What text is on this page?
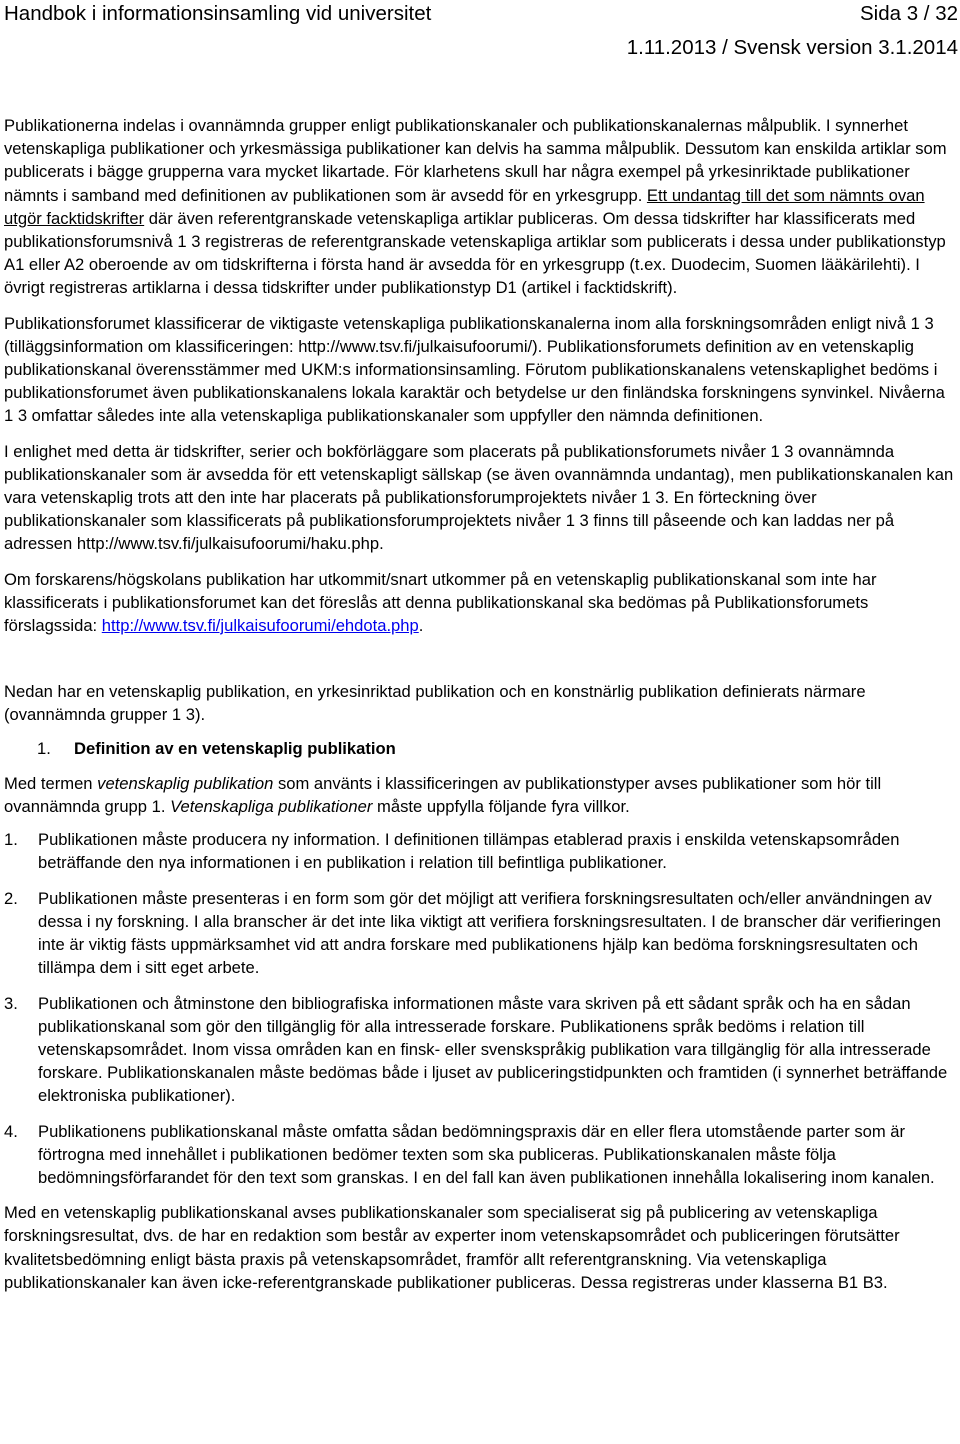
Handbok i informationsinsamling vid universitet	Sida 3 / 32
1.11.2013 / Svensk version 3.1.2014

Publikationerna indelas i ovannämnda grupper enligt publikationskanaler och publikationskanalernas målpublik. I synnerhet vetenskapliga publikationer och yrkesmässiga publikationer kan delvis ha samma målpublik. Dessutom kan enskilda artiklar som publicerats i bägge grupperna vara mycket likartade. För klarhetens skull har några exempel på yrkesinriktade publikationer nämnts i samband med definitionen av publikationen som är avsedd för en yrkesgrupp. Ett undantag till det som nämnts ovan utgör facktidskrifter där även referentgranskade vetenskapliga artiklar publiceras. Om dessa tidskrifter har klassificerats med publikationsforumsnivå 1 3 registreras de referentgranskade vetenskapliga artiklar som publicerats i dessa under publikationstyp A1 eller A2 oberoende av om tidskrifterna i första hand är avsedda för en yrkesgrupp (t.ex. Duodecim, Suomen lääkärilehti). I övrigt registreras artiklarna i dessa tidskrifter under publikationstyp D1 (artikel i facktidskrift).

Publikationsforumet klassificerar de viktigaste vetenskapliga publikationskanalerna inom alla forskningsområden enligt nivå 1 3 (tilläggsinformation om klassificeringen: http://www.tsv.fi/julkaisufoorumi/). Publikationsforumets definition av en vetenskaplig publikationskanal överensstämmer med UKM:s informationsinsamling. Förutom publikationskanalens vetenskaplighet bedöms i publikationsforumet även publikationskanalens lokala karaktär och betydelse ur den finländska forskningens synvinkel. Nivåerna 1 3 omfattar således inte alla vetenskapliga publikationskanaler som uppfyller den nämnda definitionen.

I enlighet med detta är tidskrifter, serier och bokförläggare som placerats på publikationsforumets nivåer 1 3 ovannämnda publikationskanaler som är avsedda för ett vetenskapligt sällskap (se även ovannämnda undantag), men publikationskanalen kan vara vetenskaplig trots att den inte har placerats på publikationsforumprojektets nivåer 1 3. En förteckning över publikationskanaler som klassificerats på publikationsforumprojektets nivåer 1 3 finns till påseende och kan laddas ner på adressen http://www.tsv.fi/julkaisufoorumi/haku.php.

Om forskarens/högskolans publikation har utkommit/snart utkommer på en vetenskaplig publikationskanal som inte har klassificerats i publikationsforumet kan det föreslås att denna publikationskanal ska bedömas på Publikationsforumets förslagssida: http://www.tsv.fi/julkaisufoorumi/ehdota.php.

Nedan har en vetenskaplig publikation, en yrkesinriktad publikation och en konstnärlig publikation definierats närmare (ovannämnda grupper 1 3).

1. Definition av en vetenskaplig publikation

Med termen vetenskaplig publikation som använts i klassificeringen av publikationstyper avses publikationer som hör till ovannämnda grupp 1. Vetenskapliga publikationer måste uppfylla följande fyra villkor.

1. Publikationen måste producera ny information. I definitionen tillämpas etablerad praxis i enskilda vetenskapsområden beträffande den nya informationen i en publikation i relation till befintliga publikationer.
2. Publikationen måste presenteras i en form som gör det möjligt att verifiera forskningsresultaten och/eller användningen av dessa i ny forskning. I alla branscher är det inte lika viktigt att verifiera forskningsresultaten. I de branscher där verifieringen inte är viktig fästs uppmärksamhet vid att andra forskare med publikationens hjälp kan bedöma forskningsresultaten och tillämpa dem i sitt eget arbete.
3. Publikationen och åtminstone den bibliografiska informationen måste vara skriven på ett sådant språk och ha en sådan publikationskanal som gör den tillgänglig för alla intresserade forskare. Publikationens språk bedöms i relation till vetenskapsområdet. Inom vissa områden kan en finsk- eller svenskspråkig publikation vara tillgänglig för alla intresserade forskare. Publikationskanalen måste bedömas både i ljuset av publiceringstidpunkten och framtiden (i synnerhet beträffande elektroniska publikationer).
4. Publikationens publikationskanal måste omfatta sådan bedömningspraxis där en eller flera utomstående parter som är förtrogna med innehållet i publikationen bedömer texten som ska publiceras. Publikationskanalen måste följa bedömningsförfarandet för den text som granskas. I en del fall kan även publikationen innehålla lokalisering inom kanalen.

Med en vetenskaplig publikationskanal avses publikationskanaler som specialiserat sig på publicering av vetenskapliga forskningsresultat, dvs. de har en redaktion som består av experter inom vetenskapsområdet och publiceringen förutsätter kvalitetsbedömning enligt bästa praxis på vetenskapsområdet, framför allt referentgranskning. Via vetenskapliga publikationskanaler kan även icke-referentgranskade publikationer publiceras. Dessa registreras under klasserna B1 B3.
